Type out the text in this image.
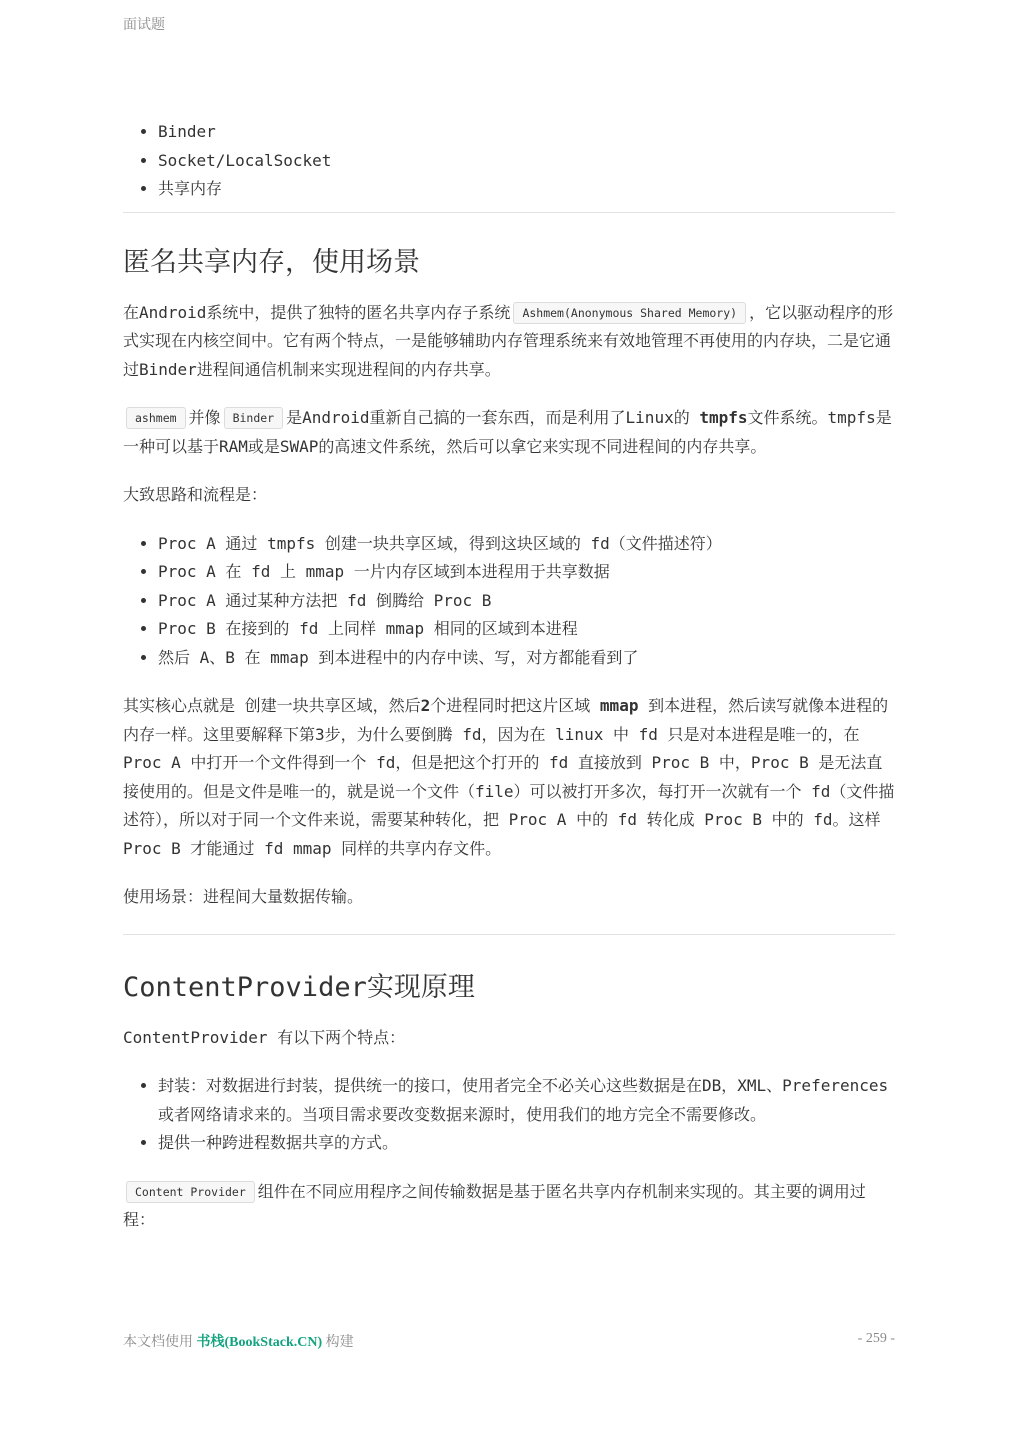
面试题
• Binder
• Socket/LocalSocket
• 共享内存
匿名共享内存，使用场景

在Android系统中，提供了独特的匿名共享内存子系统 Ashmem(Anonymous Shared Memory) ，它以驱动程序的形式实现在内核空间中。它有两个特点，一是能够辅助内存管理系统来有效地管理不再使用的内存块，二是它通过Binder进程间通信机制来实现进程间的内存共享。

ashmem 并像 Binder 是Android重新自己搞的一套东西，而是利用了Linux的 tmpfs文件系统。tmpfs是一种可以基于RAM或是SWAP的高速文件系统，然后可以拿它来实现不同进程间的内存共享。

大致思路和流程是：

• Proc A 通过 tmpfs 创建一块共享区域，得到这块区域的 fd（文件描述符）
• Proc A 在 fd 上 mmap 一片内存区域到本进程用于共享数据
• Proc A 通过某种方法把 fd 倒腾给 Proc B
• Proc B 在接到的 fd 上同样 mmap 相同的区域到本进程
• 然后 A、B 在 mmap 到本进程中的内存中读、写，对方都能看到了

其实核心点就是 创建一块共享区域，然后2个进程同时把这片区域 mmap 到本进程，然后读写就像本进程的内存一样。这里要解释下第3步，为什么要倒腾 fd，因为在 linux 中 fd 只是对本进程是唯一的，在 Proc A 中打开一个文件得到一个 fd，但是把这个打开的 fd 直接放到 Proc B 中，Proc B 是无法直接使用的。但是文件是唯一的，就是说一个文件（file）可以被打开多次，每打开一次就有一个 fd（文件描述符），所以对于同一个文件来说，需要某种转化，把 Proc A 中的 fd 转化成 Proc B 中的 fd。这样 Proc B 才能通过 fd mmap 同样的共享内存文件。

使用场景：进程间大量数据传输。

ContentProvider实现原理

ContentProvider 有以下两个特点：

• 封装：对数据进行封装，提供统一的接口，使用者完全不必关心这些数据是在DB，XML、Preferences或者网络请求来的。当项目需求要改变数据来源时，使用我们的地方完全不需要修改。
• 提供一种跨进程数据共享的方式。

Content Provider 组件在不同应用程序之间传输数据是基于匿名共享内存机制来实现的。其主要的调用过程：

本文档使用 书栈(BookStack.CN) 构建	- 259 -
